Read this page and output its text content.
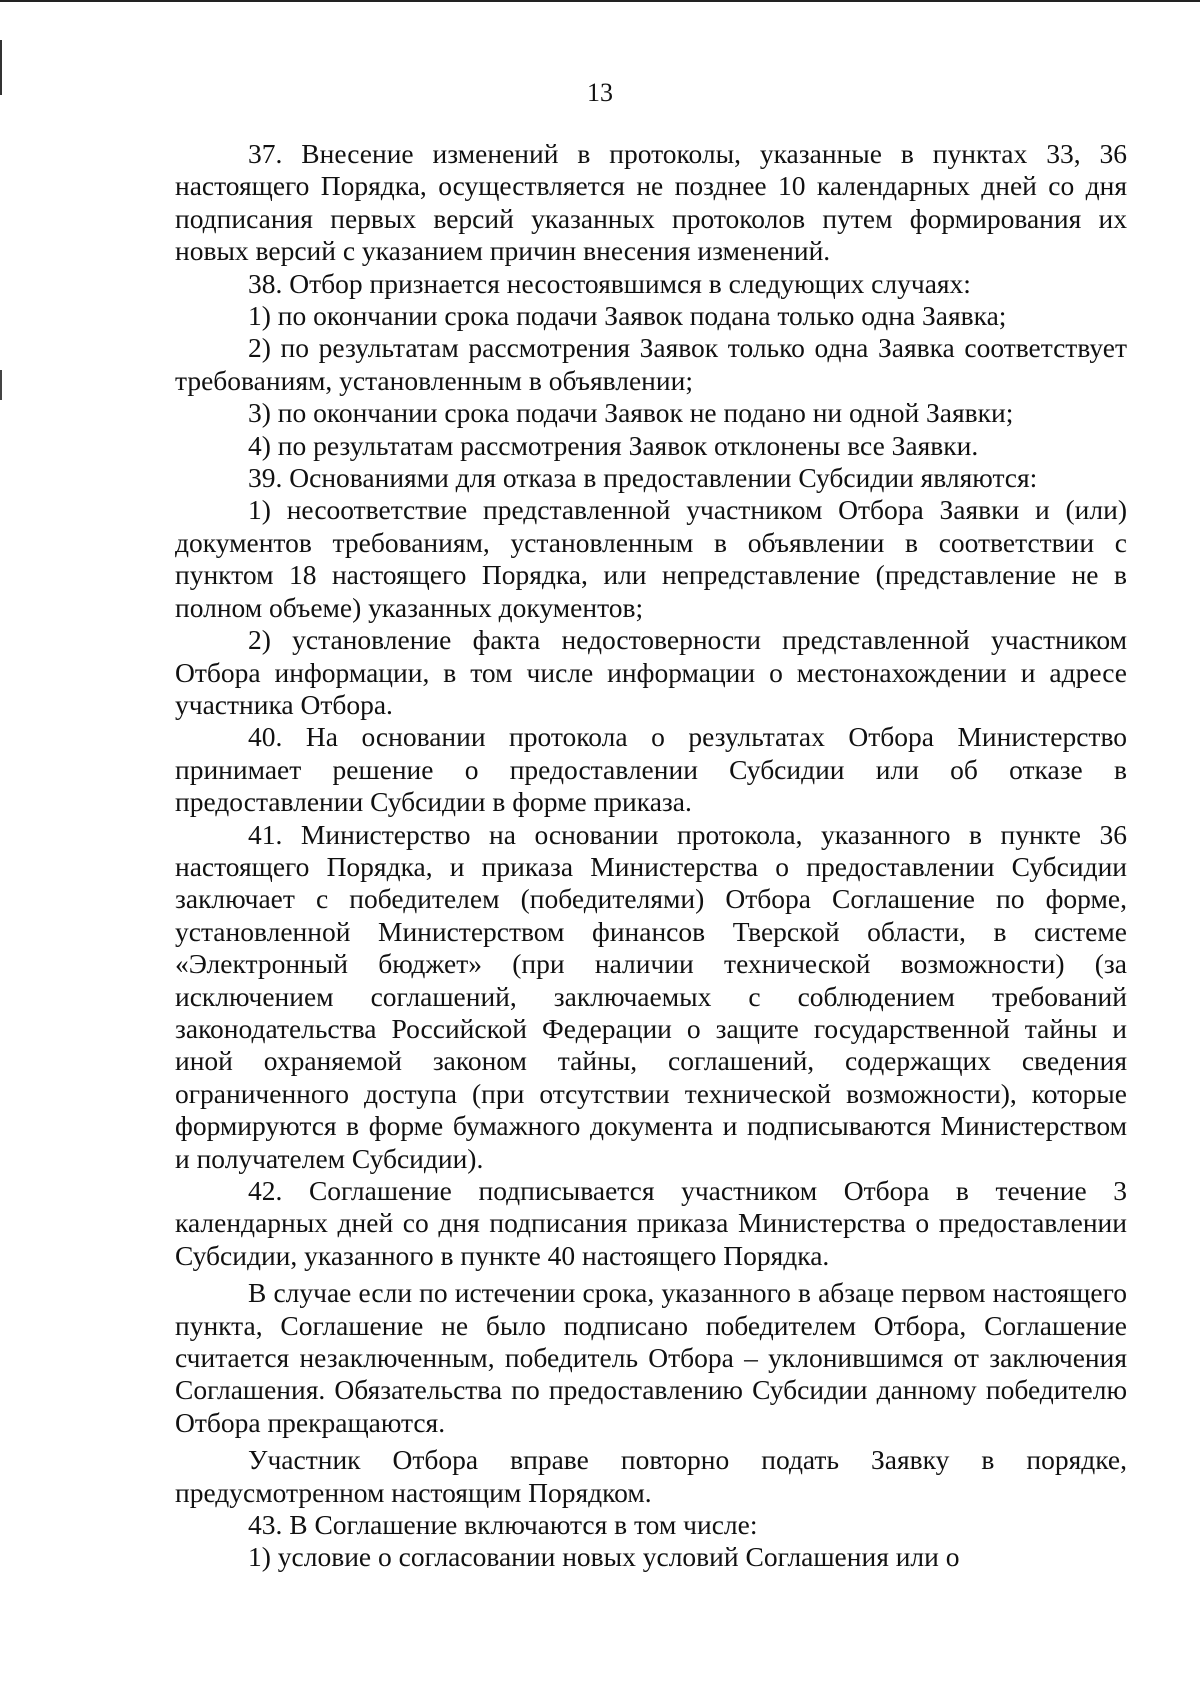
13

37. Внесение изменений в протоколы, указанные в пунктах 33, 36 настоящего Порядка, осуществляется не позднее 10 календарных дней со дня подписания первых версий указанных протоколов путем формирования их новых версий с указанием причин внесения изменений.

38. Отбор признается несостоявшимся в следующих случаях:

1) по окончании срока подачи Заявок подана только одна Заявка;

2) по результатам рассмотрения Заявок только одна Заявка соответствует требованиям, установленным в объявлении;

3) по окончании срока подачи Заявок не подано ни одной Заявки;

4) по результатам рассмотрения Заявок отклонены все Заявки.

39. Основаниями для отказа в предоставлении Субсидии являются:

1) несоответствие представленной участником Отбора Заявки и (или) документов требованиям, установленным в объявлении в соответствии с пунктом 18 настоящего Порядка, или непредставление (представление не в полном объеме) указанных документов;

2) установление факта недостоверности представленной участником Отбора информации, в том числе информации о местонахождении и адресе участника Отбора.

40. На основании протокола о результатах Отбора Министерство принимает решение о предоставлении Субсидии или об отказе в предоставлении Субсидии в форме приказа.

41. Министерство на основании протокола, указанного в пункте 36 настоящего Порядка, и приказа Министерства о предоставлении Субсидии заключает с победителем (победителями) Отбора Соглашение по форме, установленной Министерством финансов Тверской области, в системе «Электронный бюджет» (при наличии технической возможности) (за исключением соглашений, заключаемых с соблюдением требований законодательства Российской Федерации о защите государственной тайны и иной охраняемой законом тайны, соглашений, содержащих сведения ограниченного доступа (при отсутствии технической возможности), которые формируются в форме бумажного документа и подписываются Министерством и получателем Субсидии).

42. Соглашение подписывается участником Отбора в течение 3 календарных дней со дня подписания приказа Министерства о предоставлении Субсидии, указанного в пункте 40 настоящего Порядка.

В случае если по истечении срока, указанного в абзаце первом настоящего пункта, Соглашение не было подписано победителем Отбора, Соглашение считается незаключенным, победитель Отбора – уклонившимся от заключения Соглашения. Обязательства по предоставлению Субсидии данному победителю Отбора прекращаются.

Участник Отбора вправе повторно подать Заявку в порядке, предусмотренном настоящим Порядком.

43. В Соглашение включаются в том числе:

1) условие о согласовании новых условий Соглашения или о
